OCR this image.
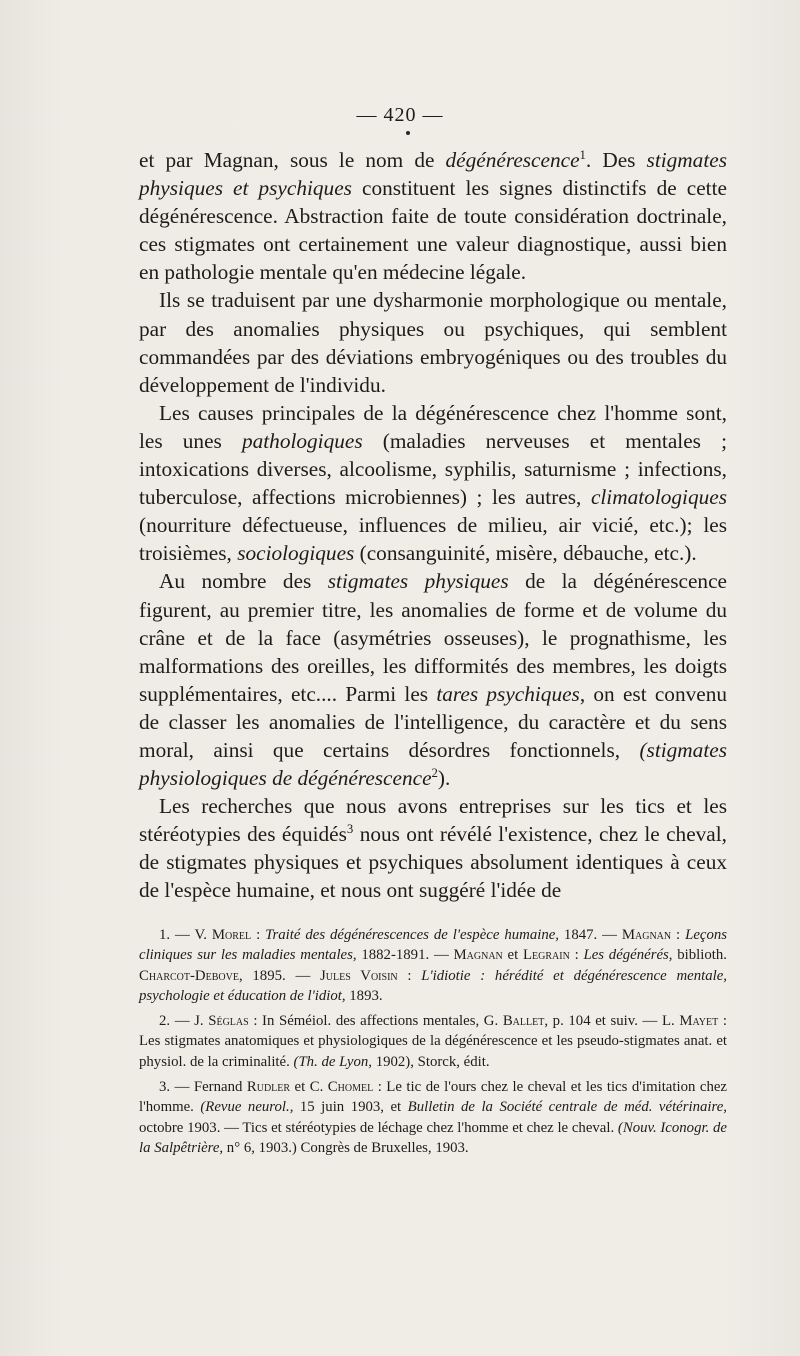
— 420 —

et par Magnan, sous le nom de dégénérescence$^1$. Des stigmates physiques et psychiques constituent les signes distinctifs de cette dégénérescence. Abstraction faite de toute considération doctrinale, ces stigmates ont certainement une valeur diagnostique, aussi bien en pathologie mentale qu'en médecine légale.

Ils se traduisent par une dysharmonie morphologique ou mentale, par des anomalies physiques ou psychiques, qui semblent commandées par des déviations embryogéniques ou des troubles du développement de l'individu.

Les causes principales de la dégénérescence chez l'homme sont, les unes pathologiques (maladies nerveuses et mentales ; intoxications diverses, alcoolisme, syphilis, saturnisme ; infections, tuberculose, affections microbiennes) ; les autres, climatologiques (nourriture défectueuse, influences de milieu, air vicié, etc.); les troisièmes, sociologiques (consanguinité, misère, débauche, etc.).

Au nombre des stigmates physiques de la dégénérescence figurent, au premier titre, les anomalies de forme et de volume du crâne et de la face (asymétries osseuses), le prognathisme, les malformations des oreilles, les difformités des membres, les doigts supplémentaires, etc.... Parmi les tares psychiques, on est convenu de classer les anomalies de l'intelligence, du caractère et du sens moral, ainsi que certains désordres fonctionnels, (stigmates physiologiques de dégénérescence$^2$).

Les recherches que nous avons entreprises sur les tics et les stéréotypies des équidés$^3$ nous ont révélé l'existence, chez le cheval, de stigmates physiques et psychiques absolument identiques à ceux de l'espèce humaine, et nous ont suggéré l'idée de

1. — V. Morel : Traité des dégénérescences de l'espèce humaine, 1847. — Magnan : Leçons cliniques sur les maladies mentales, 1882-1891. — Magnan et Legrain : Les dégénérés, biblioth. Charcot-Debove, 1895. — Jules Voisin : L'idiotie : hérédité et dégénérescence mentale, psychologie et éducation de l'idiot, 1893.

2. — J. Séglas : In Séméiol. des affections mentales, G. Ballet, p. 104 et suiv. — L. Mayet : Les stigmates anatomiques et physiologiques de la dégénérescence et les pseudo-stigmates anat. et physiol. de la criminalité. (Th. de Lyon, 1902), Storck, édit.

3. — Fernand Rudler et C. Chomel : Le tic de l'ours chez le cheval et les tics d'imitation chez l'homme. (Revue neurol., 15 juin 1903, et Bulletin de la Société centrale de méd. vétérinaire, octobre 1903. — Tics et stéréotypies de léchage chez l'homme et chez le cheval. (Nouv. Iconogr. de la Salpêtrière, n° 6, 1903.) Congrès de Bruxelles, 1903.
